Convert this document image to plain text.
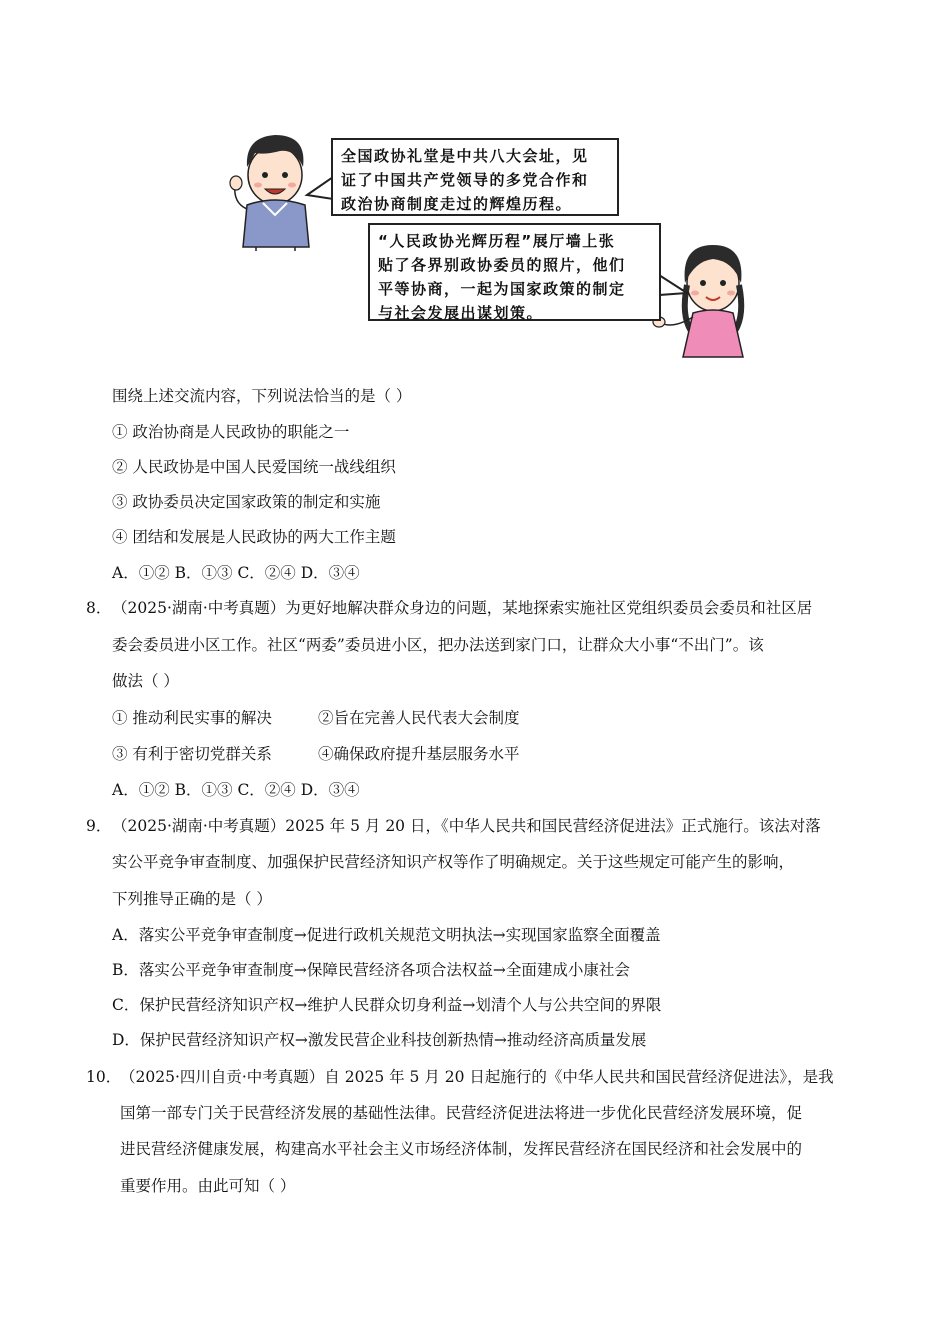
全国政协礼堂是中共八大会址，见

证了中国共产党领导的多党合作和

政治协商制度走过的辉煌历程。

“人民政协光辉历程”展厅墙上张

贴了各界别政协委员的照片，他们

平等协商，一起为国家政策的制定

与社会发展出谋划策。

围绕上述交流内容，下列说法恰当的是（ ）
① 政治协商是人民政协的职能之一
② 人民政协是中国人民爱国统一战线组织
③ 政协委员决定国家政策的制定和实施
④ 团结和发展是人民政协的两大工作主题
A．①② B．①③ C．②④ D．③④
8． （2025·湖南·中考真题）为更好地解决群众身边的问题，某地探索实施社区党组织委员会委员和社区居
委会委员进小区工作。社区“两委”委员进小区，把办法送到家门口，让群众大小事“不出门”。该
做法（ ）
① 推动利民实事的解决	②旨在完善人民代表大会制度
③ 有利于密切党群关系	④确保政府提升基层服务水平
A．①② B．①③ C．②④ D．③④
9． （2025·湖南·中考真题）2025 年 5 月 20 日，《中华人民共和国民营经济促进法》正式施行。该法对落
实公平竞争审查制度、加强保护民营经济知识产权等作了明确规定。关于这些规定可能产生的影响，
下列推导正确的是（ ）
A．落实公平竞争审查制度→促进行政机关规范文明执法→实现国家监察全面覆盖
B．落实公平竞争审查制度→保障民营经济各项合法权益→全面建成小康社会
C．保护民营经济知识产权→维护人民群众切身利益→划清个人与公共空间的界限
D．保护民营经济知识产权→激发民营企业科技创新热情→推动经济高质量发展
10．
（2025·四川自贡·中考真题）自 2025 年 5 月 20 日起施行的《中华人民共和国民营经济促进法》，是我
国第一部专门关于民营经济发展的基础性法律。民营经济促进法将进一步优化民营经济发展环境，促
进民营经济健康发展，构建高水平社会主义市场经济体制，发挥民营经济在国民经济和社会发展中的
重要作用。由此可知（ ）
